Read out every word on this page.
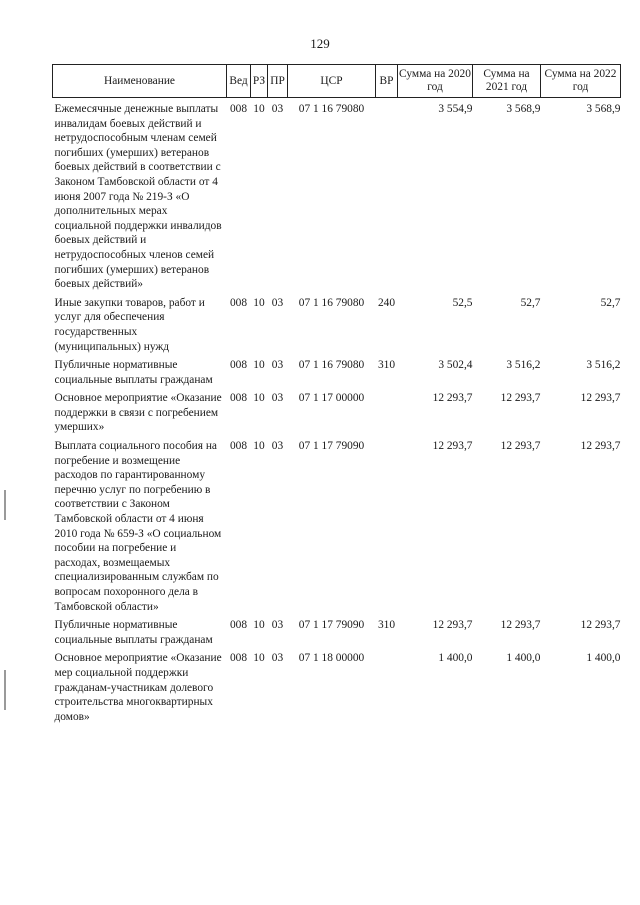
129
Наименование	Вед	РЗ	ПР	ЦСР	ВР	Сумма на 2020 год	Сумма на 2021 год	Сумма на 2022 год
Ежемесячные денежные выплаты инвалидам боевых действий и нетрудоспособным членам семей погибших (умерших) ветеранов боевых действий в соответствии с Законом Тамбовской области от 4 июня 2007 года № 219-З «О дополнительных мерах социальной поддержки инвалидов боевых действий и нетрудоспособных членов семей погибших (умерших) ветеранов боевых действий»	008	10	03	07 1 16 79080		3 554,9	3 568,9	3 568,9
Иные закупки товаров, работ и услуг для обеспечения государственных (муниципальных) нужд	008	10	03	07 1 16 79080	240	52,5	52,7	52,7
Публичные нормативные социальные выплаты гражданам	008	10	03	07 1 16 79080	310	3 502,4	3 516,2	3 516,2
Основное мероприятие «Оказание поддержки в связи с погребением умерших»	008	10	03	07 1 17 00000		12 293,7	12 293,7	12 293,7
Выплата социального пособия на погребение и возмещение расходов по гарантированному перечню услуг по погребению в соответствии с Законом Тамбовской области от 4 июня 2010 года № 659-З «О социальном пособии на погребение и расходах, возмещаемых специализированным службам по вопросам похоронного дела в Тамбовской области»	008	10	03	07 1 17 79090		12 293,7	12 293,7	12 293,7
Публичные нормативные социальные выплаты гражданам	008	10	03	07 1 17 79090	310	12 293,7	12 293,7	12 293,7
Основное мероприятие «Оказание мер социальной поддержки гражданам-участникам долевого строительства многоквартирных домов»	008	10	03	07 1 18 00000		1 400,0	1 400,0	1 400,0
